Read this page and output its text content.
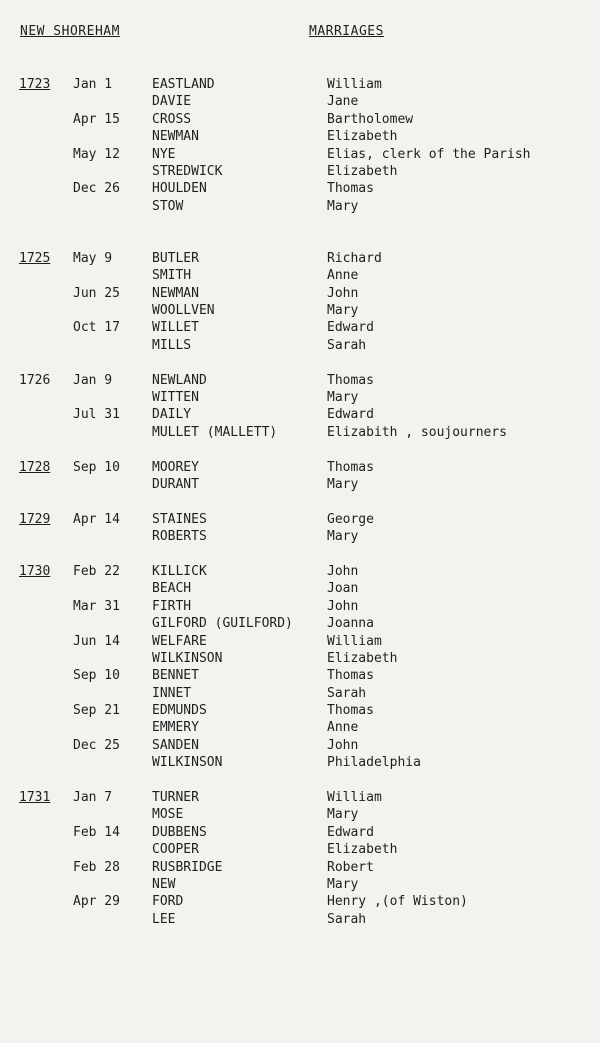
NEW SHOREHAM	MARRIAGES
1723 Jan 1	EASTLAND	William
DAVIE	Jane
Apr 15 CROSS	Bartholomew
NEWMAN	Elizabeth
May 12 NYE	Elias, clerk of the Parish
STREDWICK	Elizabeth
Dec 26 HOULDEN	Thomas
STOW	Mary
1725 May 9	BUTLER	Richard
SMITH	Anne
Jun 25 NEWMAN	John
WOOLLVEN	Mary
Oct 17 WILLET	Edward
MILLS	Sarah
1726 Jan 9	NEWLAND	Thomas
WITTEN	Mary
Jul 31 DAILY	Edward
MULLET (MALLETT)	Elizabith , soujourners
1728 Sep 10 MOOREY	Thomas
DURANT	Mary
1729 Apr 14 STAINES	George
ROBERTS	Mary
1730 Feb 22 KILLICK	John
BEACH	Joan
Mar 31 FIRTH	John
GILFORD (GUILFORD)	Joanna
Jun 14 WELFARE	William
WILKINSON	Elizabeth
Sep 10 BENNET	Thomas
INNET	Sarah
Sep 21 EDMUNDS	Thomas
EMMERY	Anne
Dec 25 SANDEN	John
WILKINSON	Philadelphia
1731 Jan 7	TURNER	William
MOSE	Mary
Feb 14 DUBBENS	Edward
COOPER	Elizabeth
Feb 28 RUSBRIDGE	Robert
NEW	Mary
Apr 29 FORD	Henry ,(of Wiston)
LEE	Sarah
